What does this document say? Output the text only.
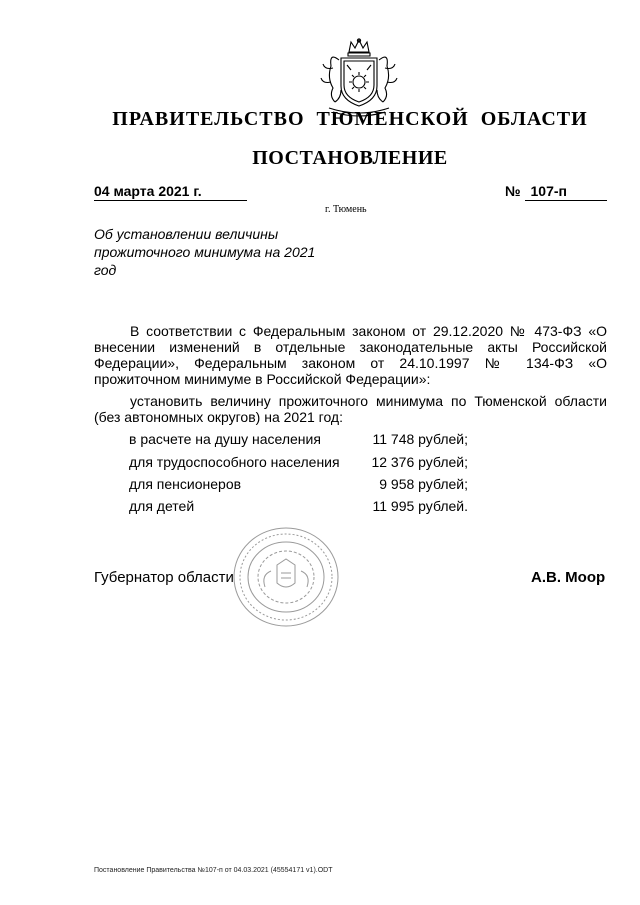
ПРАВИТЕЛЬСТВО ТЮМЕНСКОЙ ОБЛАСТИ
ПОСТАНОВЛЕНИЕ
04 марта 2021 г.	№ 107-п
г. Тюмень
Об установлении величины прожиточного минимума на 2021 год
В соответствии с Федеральным законом от 29.12.2020 № 473-ФЗ «О внесении изменений в отдельные законодательные акты Российской Федерации», Федеральным законом от 24.10.1997 № 134-ФЗ «О прожиточном минимуме в Российской Федерации»:
установить величину прожиточного минимума по Тюменской области (без автономных округов) на 2021 год:
в расчете на душу населения	11 748 рублей;
для трудоспособного населения	12 376 рублей;
для пенсионеров	9 958 рублей;
для детей	11 995 рублей.
Губернатор области	А.В. Моор
Постановление Правительства №107-п от 04.03.2021 (45554171 v1).ODT
